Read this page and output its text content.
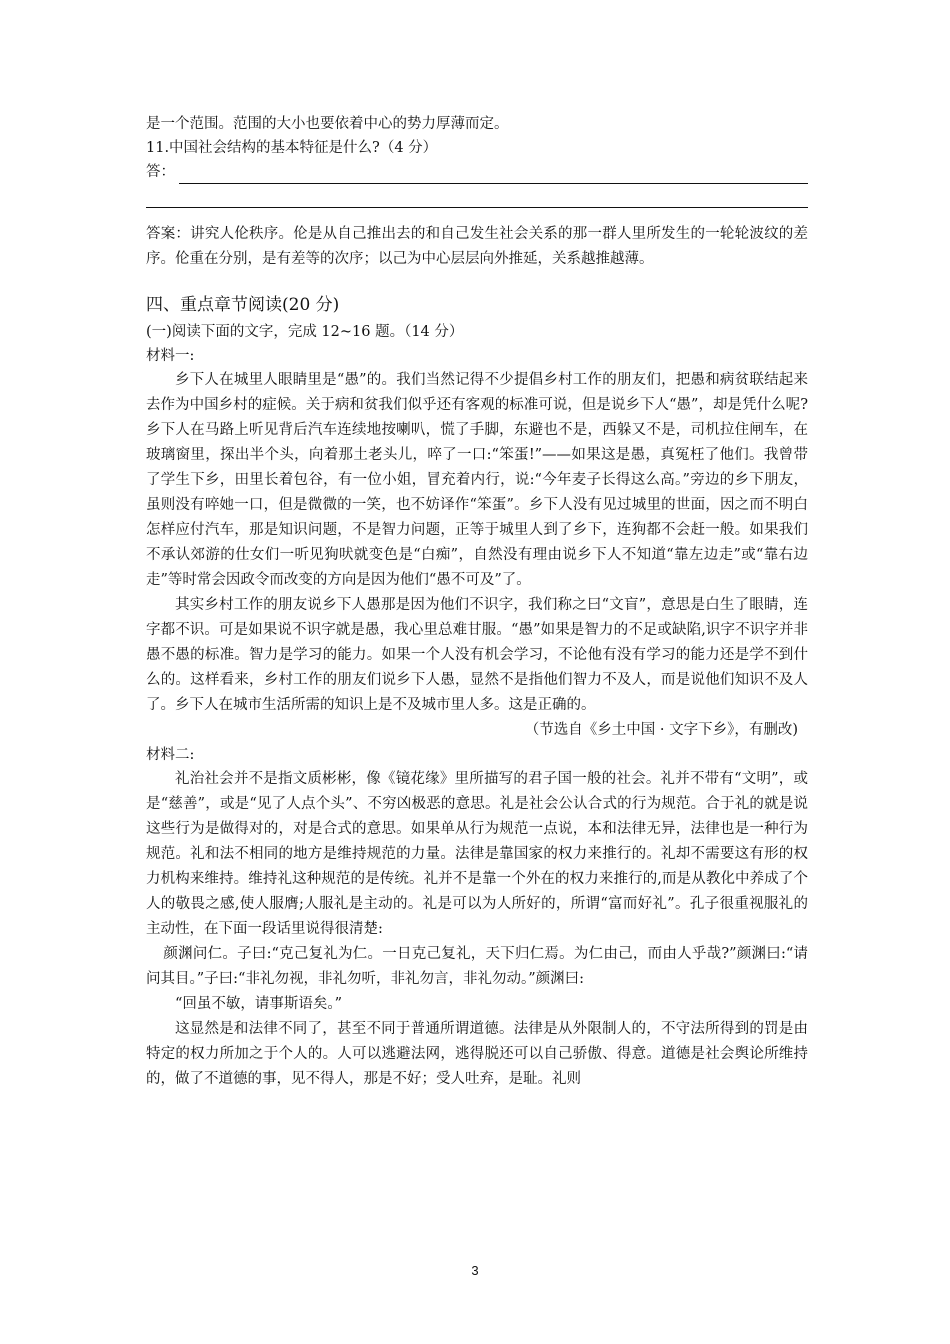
是一个范围。范围的大小也要依着中心的势力厚薄而定。

11.中国社会结构的基本特征是什么?（4 分）

答：

答案：讲究人伦秩序。伦是从自己推出去的和自己发生社会关系的那一群人里所发生的一轮轮波纹的差序。伦重在分别，是有差等的次序；以己为中心层层向外推延，关系越推越薄。

四、重点章节阅读(20 分)

(一)阅读下面的文字，完成 12~16 题。（14 分）

材料一:

乡下人在城里人眼睛里是“愚”的。我们当然记得不少提倡乡村工作的朋友们，把愚和病贫联结起来去作为中国乡村的症候。关于病和贫我们似乎还有客观的标准可说，但是说乡下人“愚”，却是凭什么呢?乡下人在马路上听见背后汽车连续地按喇叭，慌了手脚，东避也不是，西躲又不是，司机拉住闸车，在玻璃窗里，探出半个头，向着那土老头儿，啐了一口:“笨蛋!”——如果这是愚，真冤枉了他们。我曾带了学生下乡，田里长着包谷，有一位小姐，冒充着内行，说:“今年麦子长得这么高。”旁边的乡下朋友，虽则没有啐她一口，但是微微的一笑，也不妨译作“笨蛋”。乡下人没有见过城里的世面，因之而不明白怎样应付汽车，那是知识问题，不是智力问题，正等于城里人到了乡下，连狗都不会赶一般。如果我们不承认郊游的仕女们一听见狗吠就变色是“白痴”，自然没有理由说乡下人不知道“靠左边走”或“靠右边走”等时常会因政令而改变的方向是因为他们“愚不可及”了。

其实乡村工作的朋友说乡下人愚那是因为他们不识字，我们称之曰“文盲”，意思是白生了眼睛，连字都不识。可是如果说不识字就是愚，我心里总难甘服。“愚”如果是智力的不足或缺陷,识字不识字并非愚不愚的标准。智力是学习的能力。如果一个人没有机会学习，不论他有没有学习的能力还是学不到什么的。这样看来，乡村工作的朋友们说乡下人愚，显然不是指他们智力不及人，而是说他们知识不及人了。乡下人在城市生活所需的知识上是不及城市里人多。这是正确的。

（节选自《乡土中国 · 文字下乡》，有删改)

材料二:

礼治社会并不是指文质彬彬，像《镜花缘》里所描写的君子国一般的社会。礼并不带有“文明”，或是“慈善”，或是“见了人点个头”、不穷凶极恶的意思。礼是社会公认合式的行为规范。合于礼的就是说这些行为是做得对的，对是合式的意思。如果单从行为规范一点说，本和法律无异，法律也是一种行为规范。礼和法不相同的地方是维持规范的力量。法律是靠国家的权力来推行的。礼却不需要这有形的权力机构来维持。维持礼这种规范的是传统。礼并不是靠一个外在的权力来推行的,而是从教化中养成了个人的敬畏之感,使人服膺;人服礼是主动的。礼是可以为人所好的，所谓“富而好礼”。孔子很重视服礼的主动性，在下面一段话里说得很清楚:

颜渊问仁。子曰:“克己复礼为仁。一日克己复礼，天下归仁焉。为仁由己，而由人乎哉?”颜渊曰:“请问其目。”子曰:“非礼勿视，非礼勿听，非礼勿言，非礼勿动。”颜渊曰:

“回虽不敏，请事斯语矣。”

这显然是和法律不同了，甚至不同于普通所谓道德。法律是从外限制人的，不守法所得到的罚是由特定的权力所加之于个人的。人可以逃避法网，逃得脱还可以自己骄傲、得意。道德是社会舆论所维持的，做了不道德的事，见不得人，那是不好；受人吐弃，是耻。礼则

3
